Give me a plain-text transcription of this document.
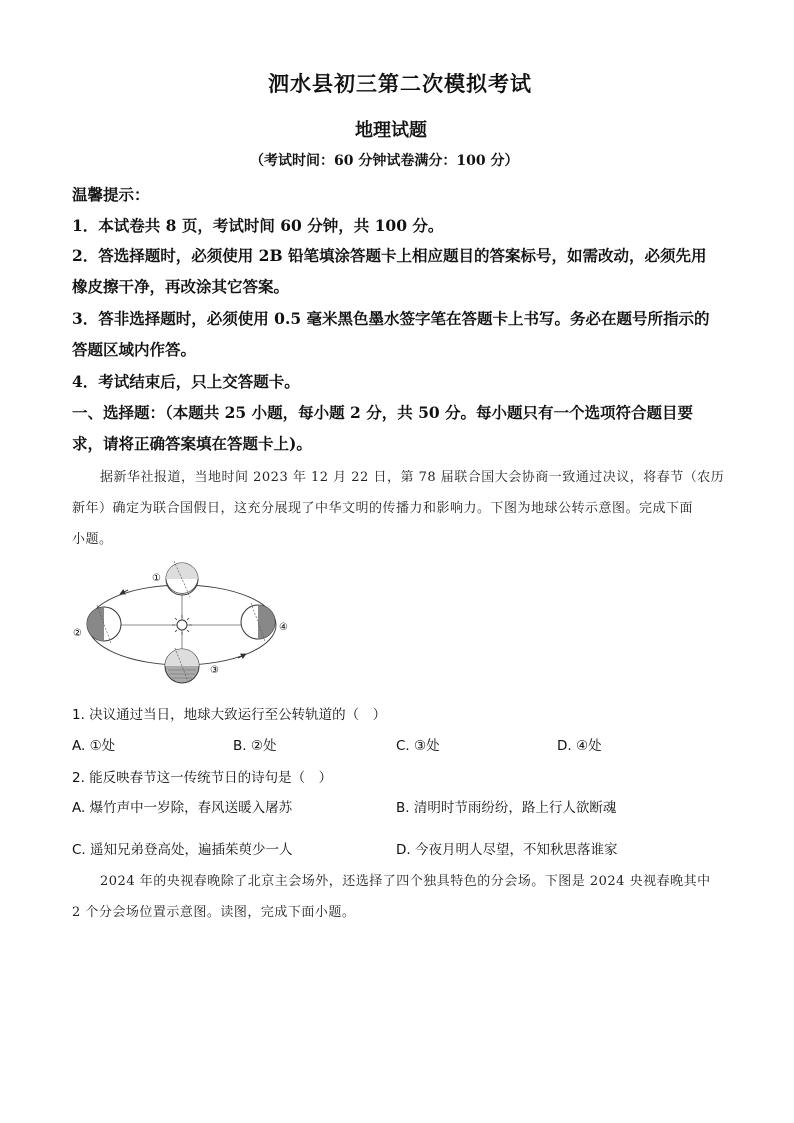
泗水县初三第二次模拟考试
地理试题
（考试时间：60 分钟试卷满分：100 分）
温馨提示：
1．本试卷共 8 页，考试时间 60 分钟，共 100 分。
2．答选择题时，必须使用 2B 铅笔填涂答题卡上相应题目的答案标号，如需改动，必须先用
橡皮擦干净，再改涂其它答案。
3．答非选择题时，必须使用 0.5 毫米黑色墨水签字笔在答题卡上书写。务必在题号所指示的
答题区域内作答。
4．考试结束后，只上交答题卡。
一、选择题：（本题共 25 小题，每小题 2 分，共 50 分。每小题只有一个选项符合题目要
求，请将正确答案填在答题卡上)。
据新华社报道，当地时间 2023 年 12 月 22 日，第 78 届联合国大会协商一致通过决议，将春节（农历
新年）确定为联合国假日，这充分展现了中华文明的传播力和影响力。下图为地球公转示意图。完成下面
小题。
①
②
③
④
1. 决议通过当日，地球大致运行至公转轨道的（　）
A. ①处	B. ②处	C. ③处	D. ④处
2. 能反映春节这一传统节日的诗句是（　）
A. 爆竹声中一岁除，春风送暖入屠苏	B. 清明时节雨纷纷，路上行人欲断魂
C. 遥知兄弟登高处，遍插茱萸少一人	D. 今夜月明人尽望，不知秋思落谁家
2024 年的央视春晚除了北京主会场外，还选择了四个独具特色的分会场。下图是 2024 央视春晚其中
2 个分会场位置示意图。读图，完成下面小题。
